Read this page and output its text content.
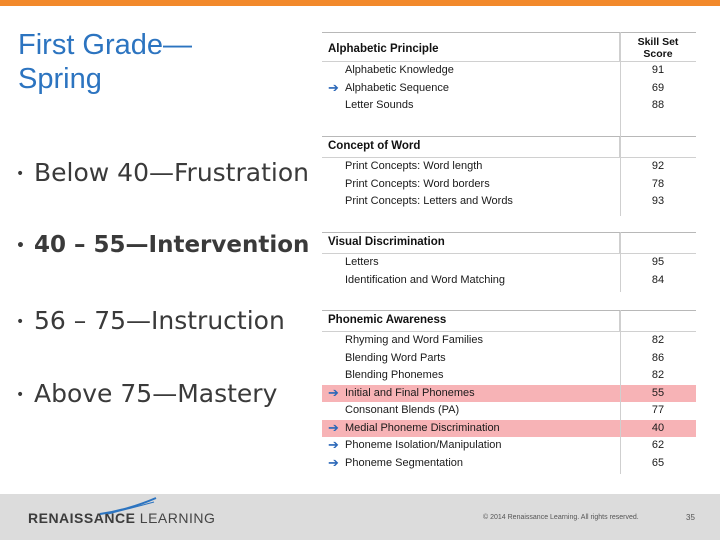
First Grade—
Spring
• Below 40—Frustration
• 40 – 55—Intervention
• 56 – 75—Instruction
• Above 75—Mastery
Alphabetic Principle
Skill Set
Score
Alphabetic Knowledge	91
➔ Alphabetic Sequence	69
Letter Sounds	88
Concept of Word
Print Concepts: Word length	92
Print Concepts: Word borders	78
Print Concepts: Letters and Words	93
Visual Discrimination
Letters	95
Identification and Word Matching	84
Phonemic Awareness
Rhyming and Word Families	82
Blending Word Parts	86
Blending Phonemes	82
➔ Initial and Final Phonemes	55
Consonant Blends (PA)	77
➔ Medial Phoneme Discrimination	40
➔ Phoneme Isolation/Manipulation	62
➔ Phoneme Segmentation	65
RENAISSANCE LEARNING	© 2014 Renaissance Learning. All rights reserved.	35
